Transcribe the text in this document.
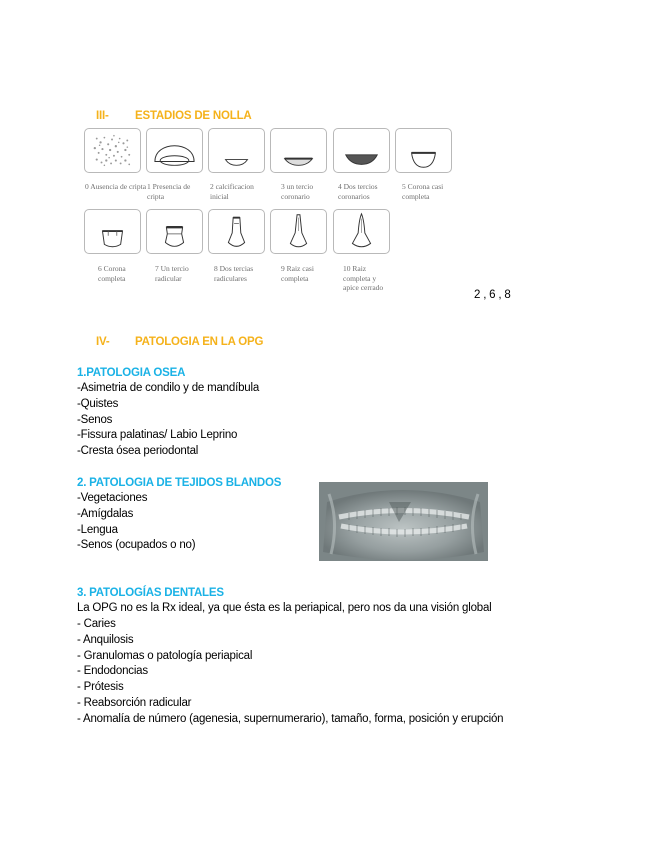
III- ESTADIOS DE NOLLA
0 Ausencia de cripta 1 Presencia de cripta
2 calcificacion inicial
3 un tercio coronario
4 Dos tercios coronarios
5 Corona casi completa
6 Corona completa
7 Un tercio radicular
8 Dos tercias radiculares
9 Raiz casi completa
10 Raiz completa y apice cerrado
2 , 6 , 8
IV- PATOLOGIA EN LA OPG
1.PATOLOGIA OSEA
-Asimetria de condilo y de mandíbula
-Quistes
-Senos
-Fissura palatinas/ Labio Leprino
-Cresta ósea periodontal
2. PATOLOGIA DE TEJIDOS BLANDOS
-Vegetaciones
-Amígdalas
-Lengua
-Senos (ocupados o no)
3. PATOLOGÍAS DENTALES
La OPG no es la Rx ideal, ya que ésta es la periapical, pero nos da una visión global
- Caries
- Anquilosis
- Granulomas o patología periapical
- Endodoncias
- Prótesis
- Reabsorción radicular
- Anomalía de número (agenesia, supernumerario), tamaño, forma, posición y erupción
